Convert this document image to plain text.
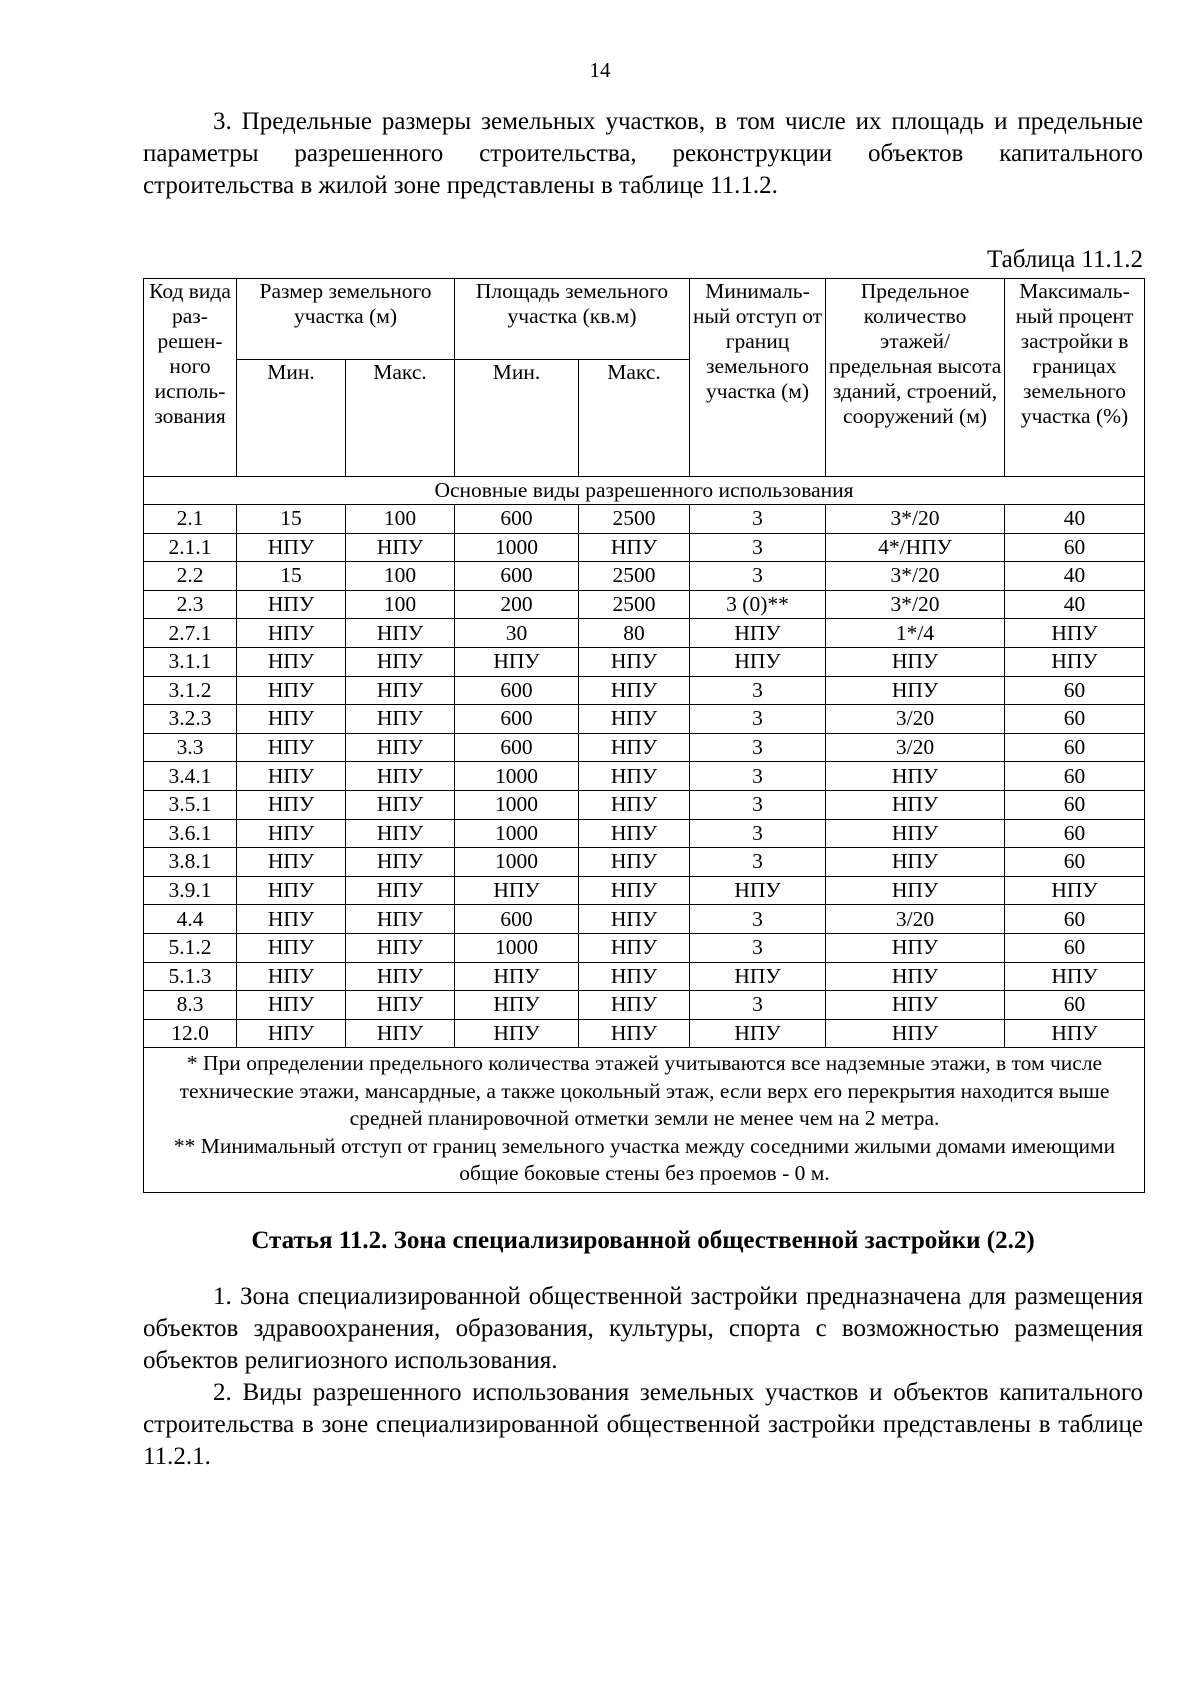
14

3. Предельные размеры земельных участков, в том числе их площадь и предельные параметры разрешенного строительства, реконструкции объектов капитального строительства в жилой зоне представлены в таблице 11.1.2.

Таблица 11.1.2
Код вида раз-решен-ного исполь-зования	Размер земельного участка (м)		Площадь земельного участка (кв.м)		Минималь-ный отступ от границ земельного участка (м)	Предельное количество этажей/ предельная высота зданий, строений, сооружений (м)	Максималь-ный процент застройки в границах земельного участка (%)
	Мин.	Макс.	Мин.	Макс.			
Основные виды разрешенного использования							
2.1	15	100	600	2500	3	3*/20	40
2.1.1	НПУ	НПУ	1000	НПУ	3	4*/НПУ	60
2.2	15	100	600	2500	3	3*/20	40
2.3	НПУ	100	200	2500	3 (0)**	3*/20	40
2.7.1	НПУ	НПУ	30	80	НПУ	1*/4	НПУ
3.1.1	НПУ	НПУ	НПУ	НПУ	НПУ	НПУ	НПУ
3.1.2	НПУ	НПУ	600	НПУ	3	НПУ	60
3.2.3	НПУ	НПУ	600	НПУ	3	3/20	60
3.3	НПУ	НПУ	600	НПУ	3	3/20	60
3.4.1	НПУ	НПУ	1000	НПУ	3	НПУ	60
3.5.1	НПУ	НПУ	1000	НПУ	3	НПУ	60
3.6.1	НПУ	НПУ	1000	НПУ	3	НПУ	60
3.8.1	НПУ	НПУ	1000	НПУ	3	НПУ	60
3.9.1	НПУ	НПУ	НПУ	НПУ	НПУ	НПУ	НПУ
4.4	НПУ	НПУ	600	НПУ	3	3/20	60
5.1.2	НПУ	НПУ	1000	НПУ	3	НПУ	60
5.1.3	НПУ	НПУ	НПУ	НПУ	НПУ	НПУ	НПУ
8.3	НПУ	НПУ	НПУ	НПУ	3	НПУ	60
12.0	НПУ	НПУ	НПУ	НПУ	НПУ	НПУ	НПУ

* При определении предельного количества этажей учитываются все надземные этажи, в том числе технические этажи, мансардные, а также цокольный этаж, если верх его перекрытия находится выше средней планировочной отметки земли не менее чем на 2 метра.
** Минимальный отступ от границ земельного участка между соседними жилыми домами имеющими общие боковые стены без проемов - 0 м.							
Статья 11.2. Зона специализированной общественной застройки (2.2)

1. Зона специализированной общественной застройки предназначена для размещения объектов здравоохранения, образования, культуры, спорта с возможностью размещения объектов религиозного использования.

2. Виды разрешенного использования земельных участков и объектов капитального строительства в зоне специализированной общественной застройки представлены в таблице 11.2.1.
